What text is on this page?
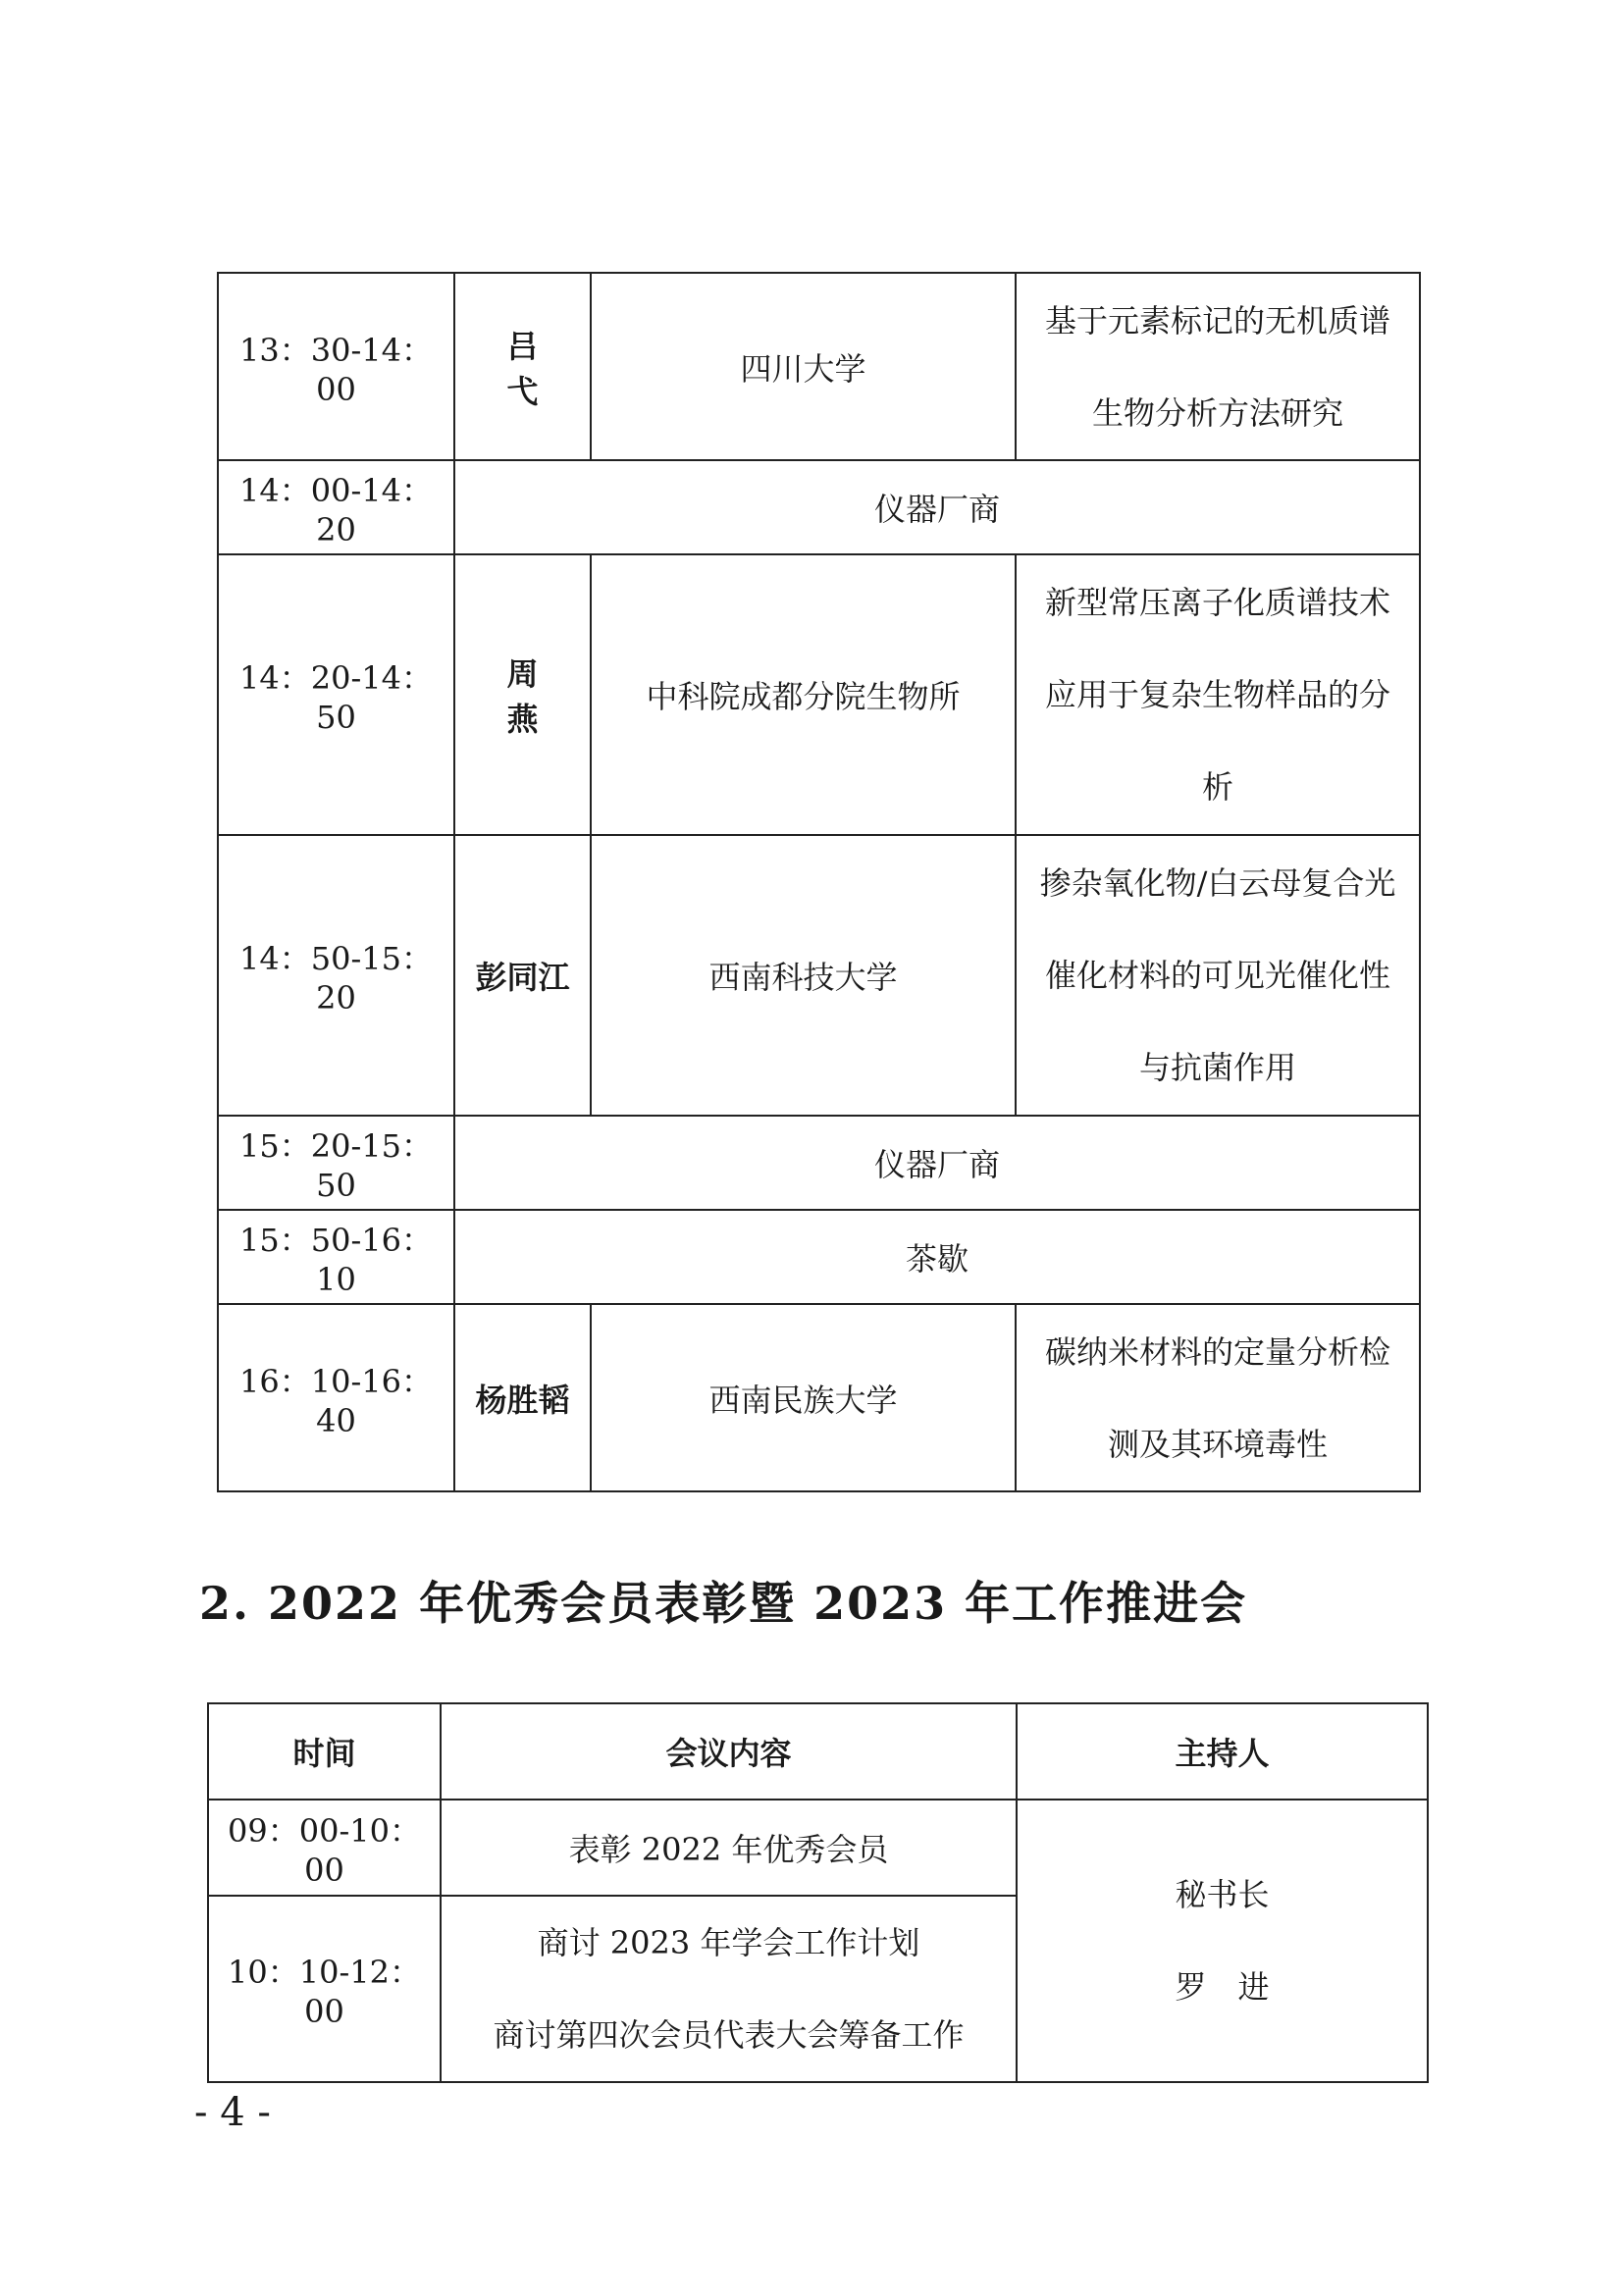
13：30-14：00	吕　弋	四川大学	基于元素标记的无机质谱
生物分析方法研究

14：00-14：20	仪器厂商		
14：20-14：50	周　燕	中科院成都分院生物所	新型常压离子化质谱技术
应用于复杂生物样品的分
析

14：50-15：20	彭同江	西南科技大学	掺杂氧化物/白云母复合光
催化材料的可见光催化性
与抗菌作用

15：20-15：50	仪器厂商		
15：50-16：10	茶歇		
16：10-16：40	杨胜韬	西南民族大学	碳纳米材料的定量分析检
测及其环境毒性
2. 2022 年优秀会员表彰暨 2023 年工作推进会
时间	会议内容	主持人
09：00-10：00	表彰 2022 年优秀会员	秘书长
罗　进

10：10-12：00	商讨 2023 年学会工作计划
商讨第四次会员代表大会筹备工作	

- 4 -
